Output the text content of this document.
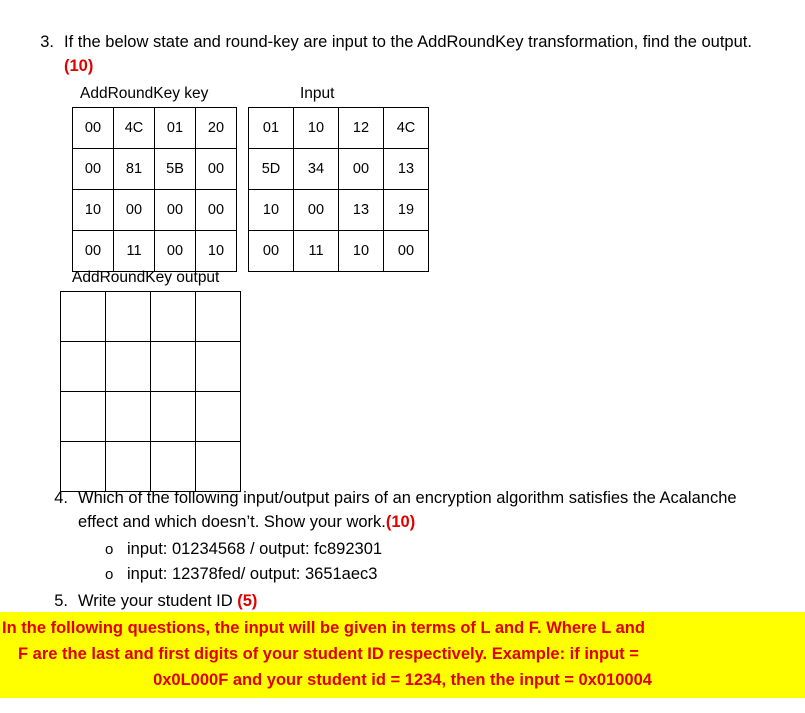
3. If the below state and round-key are input to the AddRoundKey transformation, find the output. (10)
AddRoundKey key
00	4C	01	20
00	81	5B	00
10	00	00	00
00	11	00	10
Input
01	10	12	4C
5D	34	00	13
10	00	13	19
00	11	10	00
AddRoundKey output

4. Which of the following input/output pairs of an encryption algorithm satisfies the Acalanche effect and which doesn’t. Show your work.(10)
o input: 01234568 / output: fc892301
o input: 12378fed/ output: 3651aec3
5. Write your student ID (5)
In the following questions, the input will be given in terms of L and F. Where L and
F are the last and first digits of your student ID respectively. Example: if input =
0x0L000F and your student id = 1234, then the input = 0x010004
